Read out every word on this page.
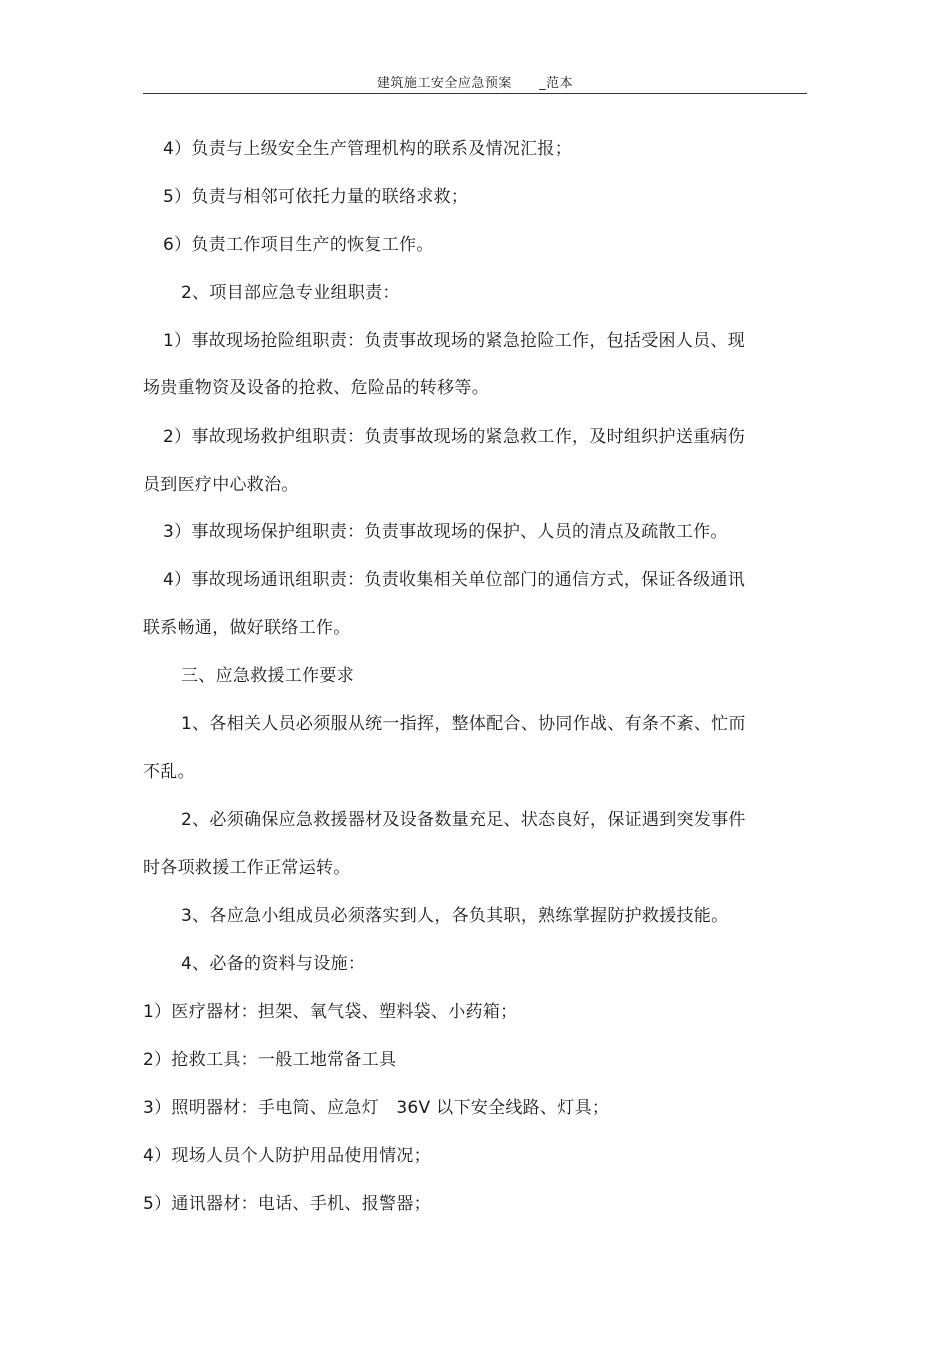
建筑施工安全应急预案 _范本
4）负责与上级安全生产管理机构的联系及情况汇报；
5）负责与相邻可依托力量的联络求救；
6）负责工作项目生产的恢复工作。
2、项目部应急专业组职责：
1）事故现场抢险组职责：负责事故现场的紧急抢险工作，包括受困人员、现
场贵重物资及设备的抢救、危险品的转移等。
2）事故现场救护组职责：负责事故现场的紧急救工作，及时组织护送重病伤
员到医疗中心救治。
3）事故现场保护组职责：负责事故现场的保护、人员的清点及疏散工作。
4）事故现场通讯组职责：负责收集相关单位部门的通信方式，保证各级通讯
联系畅通，做好联络工作。
三、应急救援工作要求
1、各相关人员必须服从统一指挥，整体配合、协同作战、有条不紊、忙而
不乱。
2、必须确保应急救援器材及设备数量充足、状态良好，保证遇到突发事件
时各项救援工作正常运转。
3、各应急小组成员必须落实到人，各负其职，熟练掌握防护救援技能。
4、必备的资料与设施：
1）医疗器材：担架、氧气袋、塑料袋、小药箱；
2）抢救工具：一般工地常备工具
3）照明器材：手电筒、应急灯　36V 以下安全线路、灯具；
4）现场人员个人防护用品使用情况；
5）通讯器材：电话、手机、报警器；
